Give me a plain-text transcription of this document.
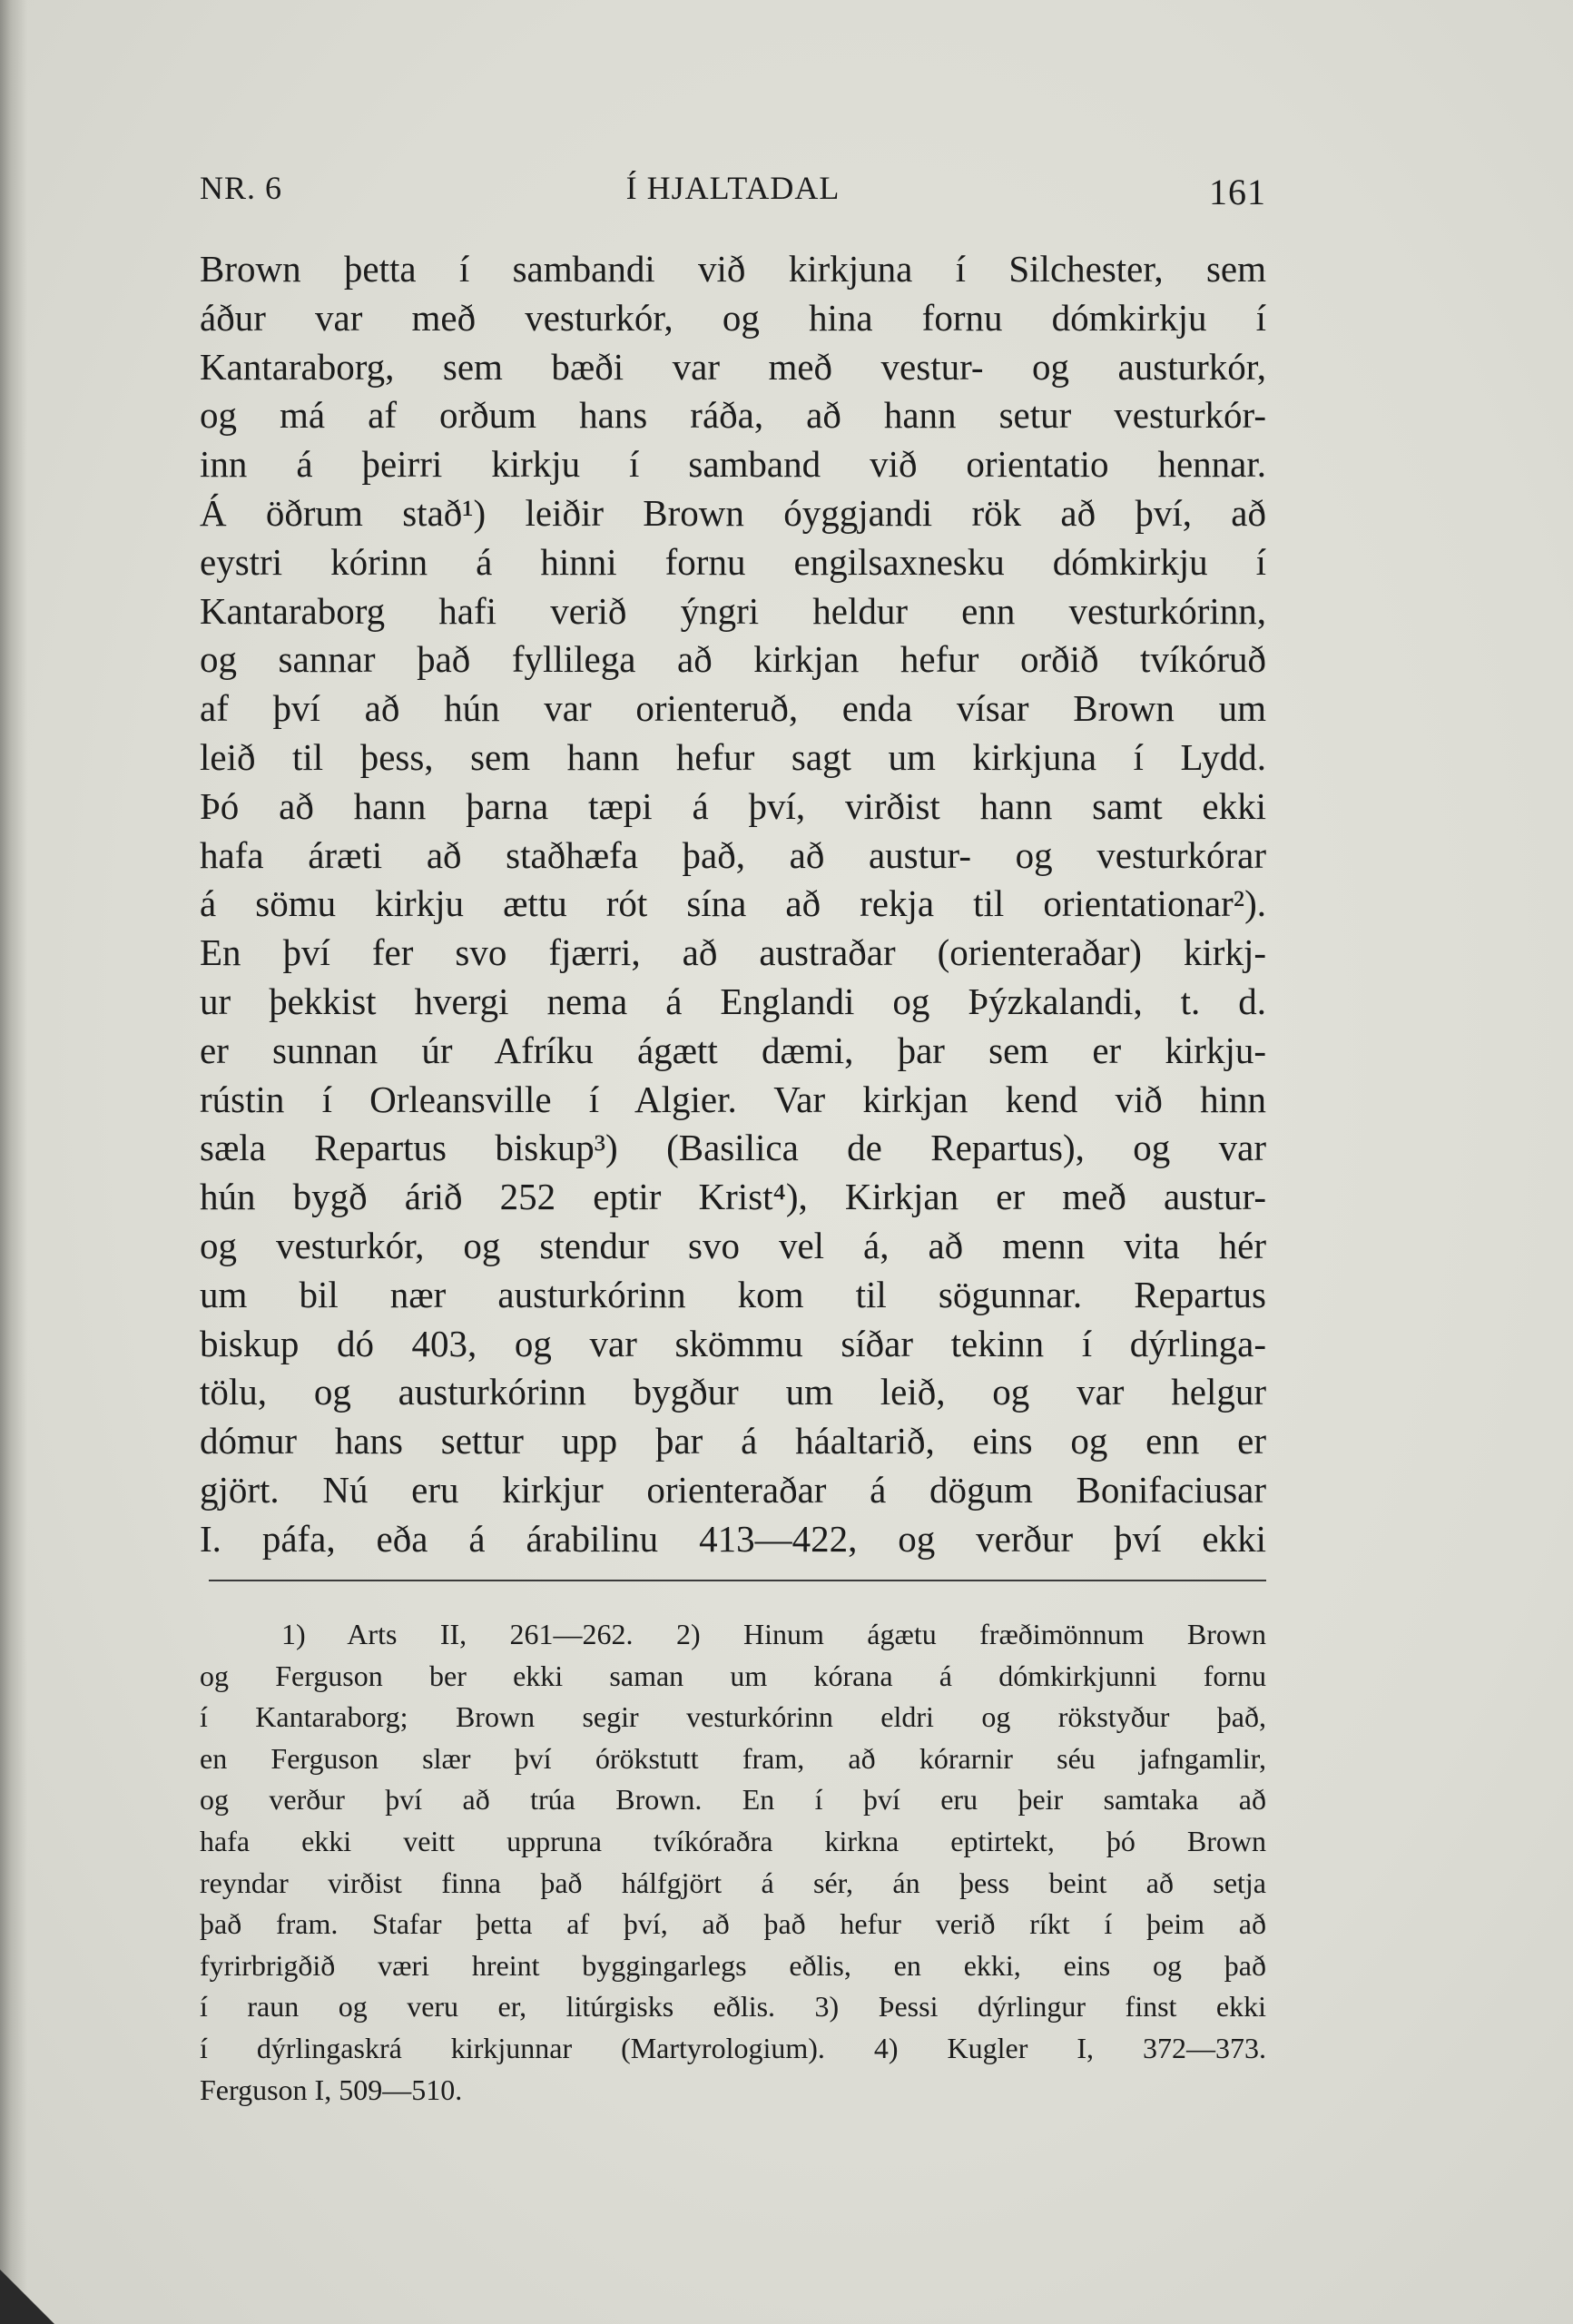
NR. 6	Í HJALTADAL	161
Brown þetta í sambandi við kirkjuna í Silchester, sem
áður var með vesturkór, og hina fornu dómkirkju í
Kantaraborg, sem bæði var með vestur- og austurkór,
og má af orðum hans ráða, að hann setur vesturkór-
inn á þeirri kirkju í samband við orientatio hennar.
Á öðrum stað¹) leiðir Brown óyggjandi rök að því, að
eystri kórinn á hinni fornu engilsaxnesku dómkirkju í
Kantaraborg hafi verið ýngri heldur enn vesturkórinn,
og sannar það fyllilega að kirkjan hefur orðið tvíkóruð
af því að hún var orienteruð, enda vísar Brown um
leið til þess, sem hann hefur sagt um kirkjuna í Lydd.
Þó að hann þarna tæpi á því, virðist hann samt ekki
hafa áræti að staðhæfa það, að austur- og vesturkórar
á sömu kirkju ættu rót sína að rekja til orientationar²).
En því fer svo fjærri, að austraðar (orienteraðar) kirkj-
ur þekkist hvergi nema á Englandi og Þýzkalandi, t. d.
er sunnan úr Afríku ágætt dæmi, þar sem er kirkju-
rústin í Orleansville í Algier. Var kirkjan kend við hinn
sæla Repartus biskup³) (Basilica de Repartus), og var
hún bygð árið 252 eptir Krist⁴), Kirkjan er með austur-
og vesturkór, og stendur svo vel á, að menn vita hér
um bil nær austurkórinn kom til sögunnar. Repartus
biskup dó 403, og var skömmu síðar tekinn í dýrlinga-
tölu, og austurkórinn bygður um leið, og var helgur
dómur hans settur upp þar á háaltarið, eins og enn er
gjört. Nú eru kirkjur orienteraðar á dögum Bonifaciusar
I. páfa, eða á árabilinu 413—422, og verður því ekki
1) Arts II, 261—262. 2) Hinum ágætu fræðimönnum Brown
og Ferguson ber ekki saman um kórana á dómkirkjunni fornu
í Kantaraborg; Brown segir vesturkórinn eldri og rökstyður það,
en Ferguson slær því órökstutt fram, að kórarnir séu jafngamlir,
og verður því að trúa Brown. En í því eru þeir samtaka að
hafa ekki veitt uppruna tvíkóraðra kirkna eptirtekt, þó Brown
reyndar virðist finna það hálfgjört á sér, án þess beint að setja
það fram. Stafar þetta af því, að það hefur verið ríkt í þeim að
fyrirbrigðið væri hreint byggingarlegs eðlis, en ekki, eins og það
í raun og veru er, litúrgisks eðlis. 3) Þessi dýrlingur finst ekki
í dýrlingaskrá kirkjunnar (Martyrologium). 4) Kugler I, 372—373.
Ferguson I, 509—510.
